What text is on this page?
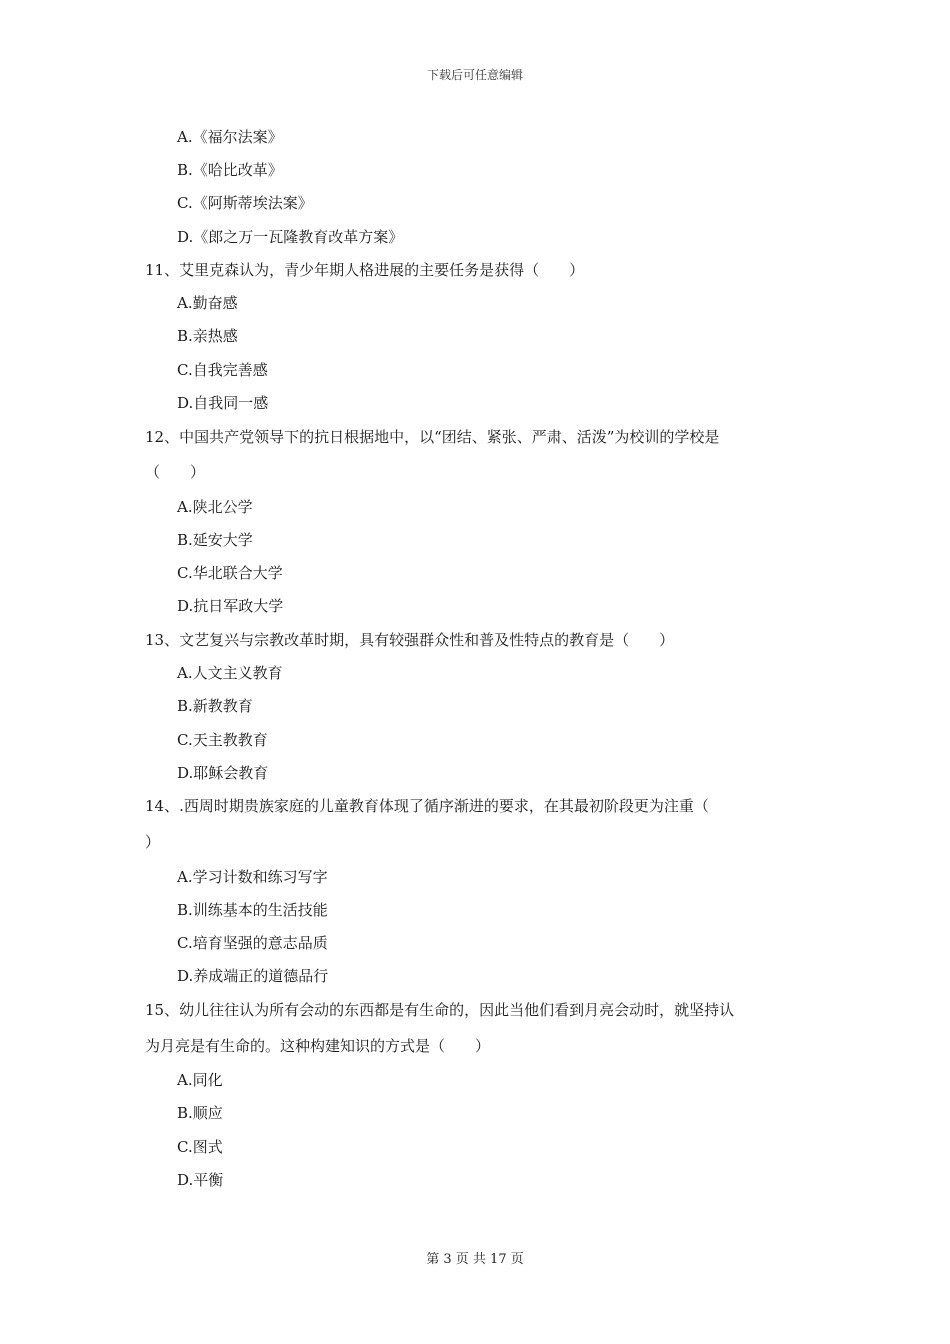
下载后可任意编辑
A.《福尔法案》
B.《哈比改革》
C.《阿斯蒂埃法案》
D.《郎之万一瓦隆教育改革方案》
11、艾里克森认为，青少年期人格进展的主要任务是获得（　　）
A.勤奋感
B.亲热感
C.自我完善感
D.自我同一感
12、中国共产党领导下的抗日根据地中，以“团结、紧张、严肃、活泼”为校训的学校是
（　　）
A.陕北公学
B.延安大学
C.华北联合大学
D.抗日军政大学
13、文艺复兴与宗教改革时期，具有较强群众性和普及性特点的教育是（　　）
A.人文主义教育
B.新教教育
C.天主教教育
D.耶稣会教育
14、.西周时期贵族家庭的儿童教育体现了循序渐进的要求，在其最初阶段更为注重（
）
A.学习计数和练习写字
B.训练基本的生活技能
C.培育坚强的意志品质
D.养成端正的道德品行
15、幼儿往往认为所有会动的东西都是有生命的，因此当他们看到月亮会动时，就坚持认
为月亮是有生命的。这种构建知识的方式是（　　）
A.同化
B.顺应
C.图式
D.平衡
第 3 页 共 17 页
